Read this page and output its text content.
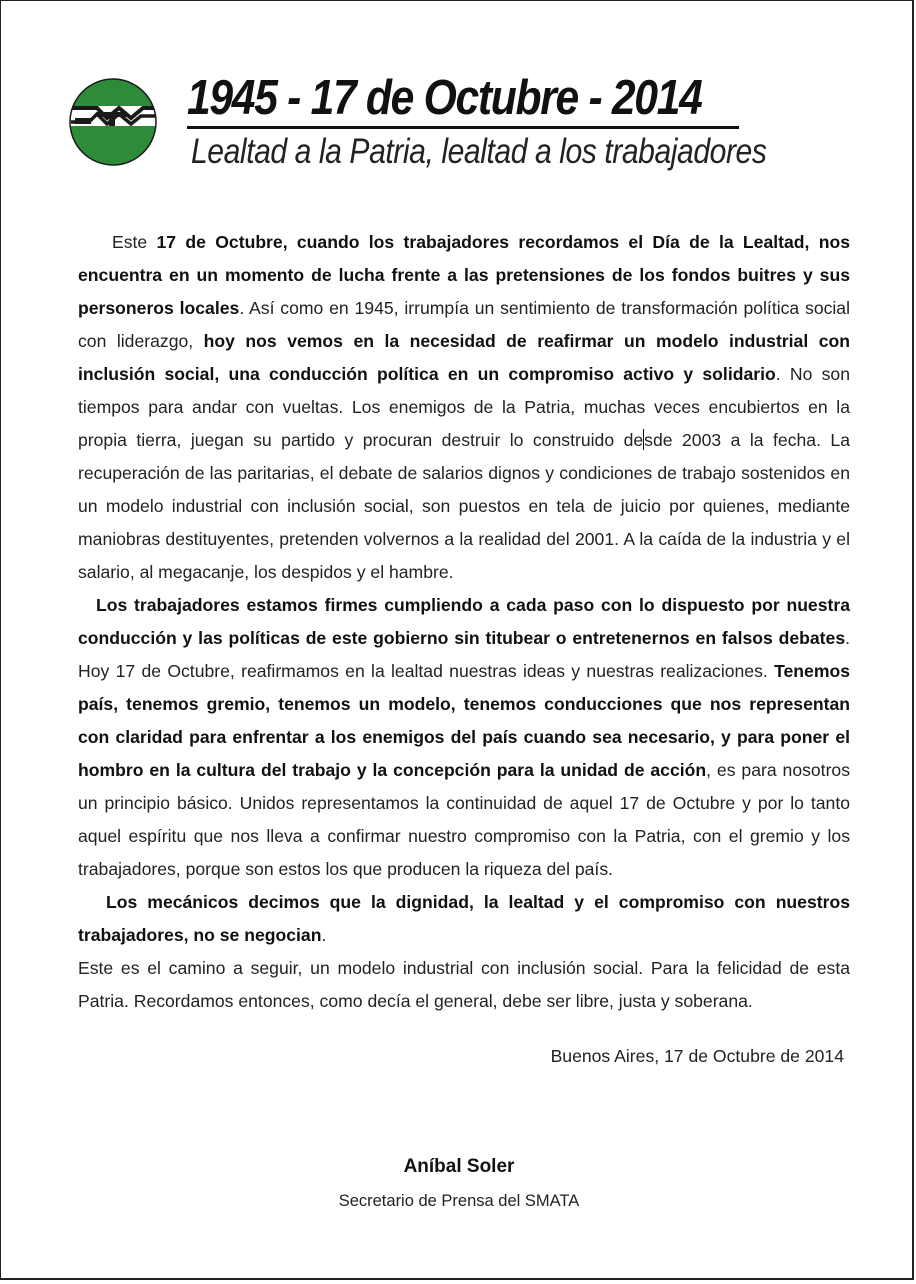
1945 - 17 de Octubre - 2014
Lealtad a la Patria, lealtad a los trabajadores

Este 17 de Octubre, cuando los trabajadores recordamos el Día de la Lealtad, nos encuentra en un momento de lucha frente a las pretensiones de los fondos buitres y sus personeros locales. Así como en 1945, irrumpía un sentimiento de transformación política social con liderazgo, hoy nos vemos en la necesidad de reafirmar un modelo industrial con inclusión social, una conducción política en un compromiso activo y solidario. No son tiempos para andar con vueltas. Los enemigos de la Patria, muchas veces encubiertos en la propia tierra, juegan su partido y procuran destruir lo construido desde 2003 a la fecha. La recuperación de las paritarias, el debate de salarios dignos y condiciones de trabajo sostenidos en un modelo industrial con inclusión social, son puestos en tela de juicio por quienes, mediante maniobras destituyentes, pretenden volvernos a la realidad del 2001. A la caída de la industria y el salario, al megacanje, los despidos y el hambre.

Los trabajadores estamos firmes cumpliendo a cada paso con lo dispuesto por nuestra conducción y las políticas de este gobierno sin titubear o entretenernos en falsos debates. Hoy 17 de Octubre, reafirmamos en la lealtad nuestras ideas y nuestras realizaciones. Tenemos país, tenemos gremio, tenemos un modelo, tenemos conducciones que nos representan con claridad para enfrentar a los enemigos del país cuando sea necesario, y para poner el hombro en la cultura del trabajo y la concepción para la unidad de acción, es para nosotros un principio básico. Unidos representamos la continuidad de aquel 17 de Octubre y por lo tanto aquel espíritu que nos lleva a confirmar nuestro compromiso con la Patria, con el gremio y los trabajadores, porque son estos los que producen la riqueza del país.

Los mecánicos decimos que la dignidad, la lealtad y el compromiso con nuestros trabajadores, no se negocian.

Este es el camino a seguir, un modelo industrial con inclusión social. Para la felicidad de esta Patria. Recordamos entonces, como decía el general, debe ser libre, justa y soberana.

Buenos Aires, 17 de Octubre de 2014
Aníbal Soler
Secretario de Prensa del SMATA
